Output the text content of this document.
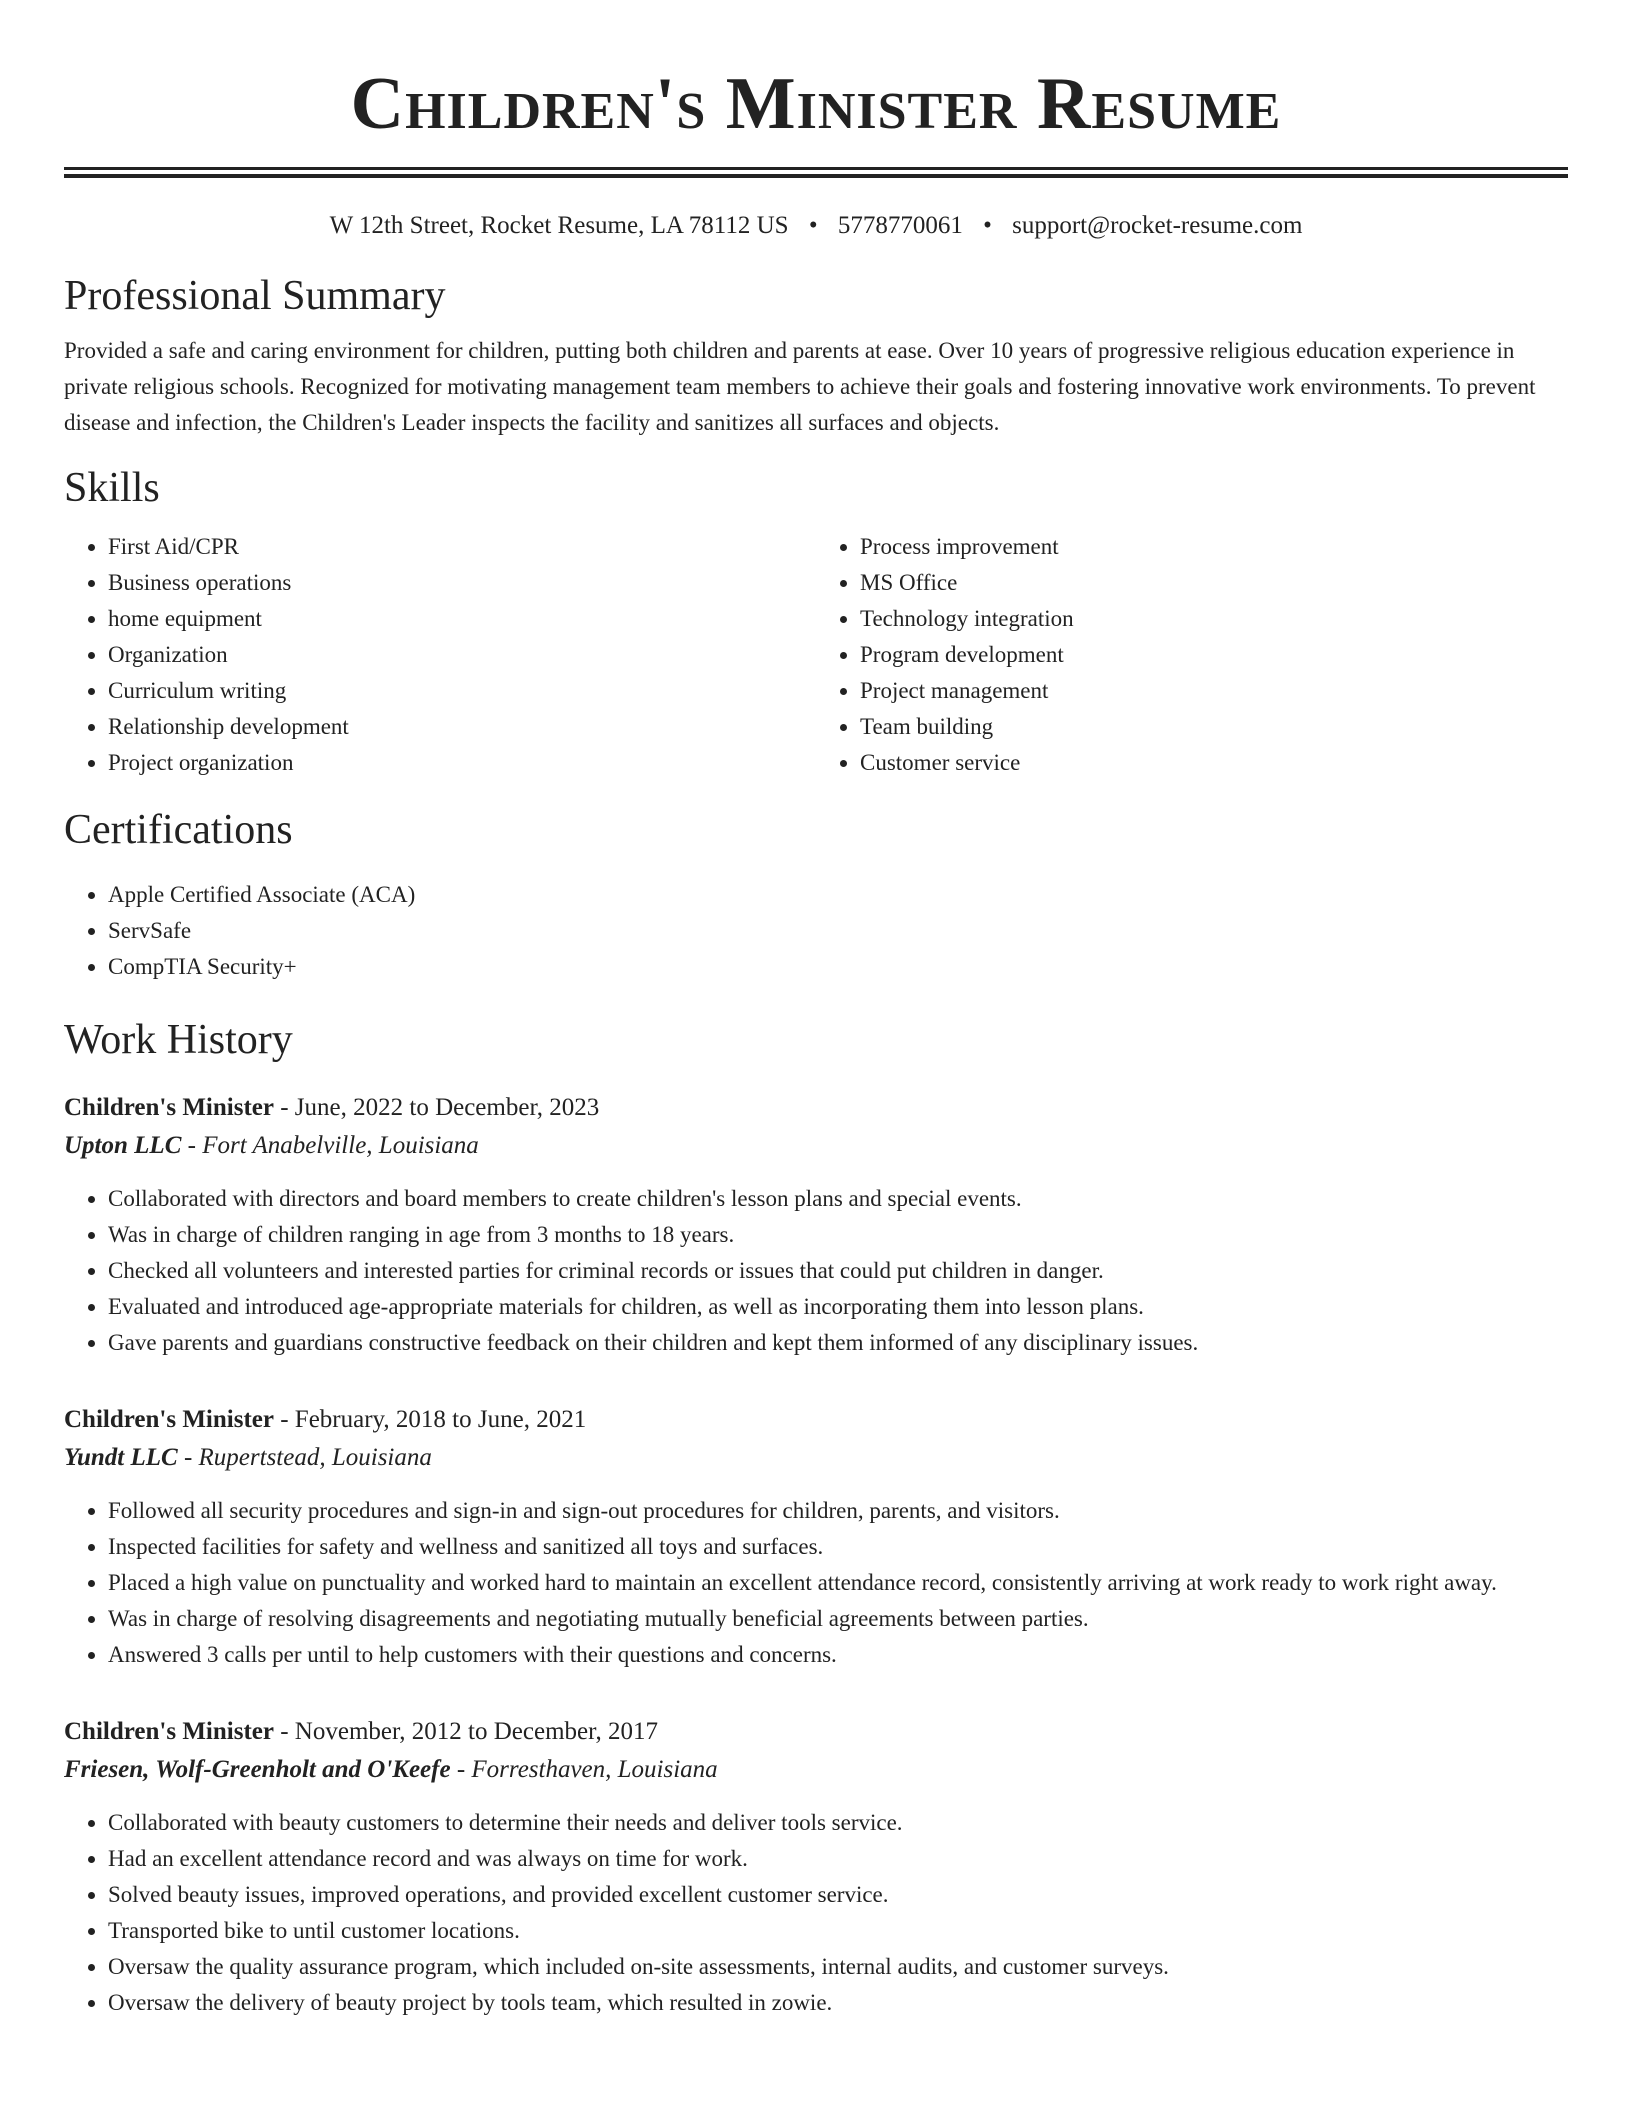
Children's Minister Resume
W 12th Street, Rocket Resume, LA 78112 US • 5778770061 • support@rocket-resume.com
Professional Summary

Provided a safe and caring environment for children, putting both children and parents at ease. Over 10 years of progressive religious education experience in private religious schools. Recognized for motivating management team members to achieve their goals and fostering innovative work environments. To prevent disease and infection, the Children's Leader inspects the facility and sanitizes all surfaces and objects.

Skills
• First Aid/CPR
• Business operations
• home equipment
• Organization
• Curriculum writing
• Relationship development
• Project organization
• Process improvement
• MS Office
• Technology integration
• Program development
• Project management
• Team building
• Customer service
Certifications
• Apple Certified Associate (ACA)
• ServSafe
• CompTIA Security+
Work History
Children's Minister - June, 2022 to December, 2023
Upton LLC - Fort Anabelville, Louisiana
• Collaborated with directors and board members to create children's lesson plans and special events.
• Was in charge of children ranging in age from 3 months to 18 years.
• Checked all volunteers and interested parties for criminal records or issues that could put children in danger.
• Evaluated and introduced age-appropriate materials for children, as well as incorporating them into lesson plans.
• Gave parents and guardians constructive feedback on their children and kept them informed of any disciplinary issues.
Children's Minister - February, 2018 to June, 2021
Yundt LLC - Rupertstead, Louisiana
• Followed all security procedures and sign-in and sign-out procedures for children, parents, and visitors.
• Inspected facilities for safety and wellness and sanitized all toys and surfaces.
• Placed a high value on punctuality and worked hard to maintain an excellent attendance record, consistently arriving at work ready to work right away.
• Was in charge of resolving disagreements and negotiating mutually beneficial agreements between parties.
• Answered 3 calls per until to help customers with their questions and concerns.
Children's Minister - November, 2012 to December, 2017
Friesen, Wolf-Greenholt and O'Keefe - Forresthaven, Louisiana
• Collaborated with beauty customers to determine their needs and deliver tools service.
• Had an excellent attendance record and was always on time for work.
• Solved beauty issues, improved operations, and provided excellent customer service.
• Transported bike to until customer locations.
• Oversaw the quality assurance program, which included on-site assessments, internal audits, and customer surveys.
• Oversaw the delivery of beauty project by tools team, which resulted in zowie.
